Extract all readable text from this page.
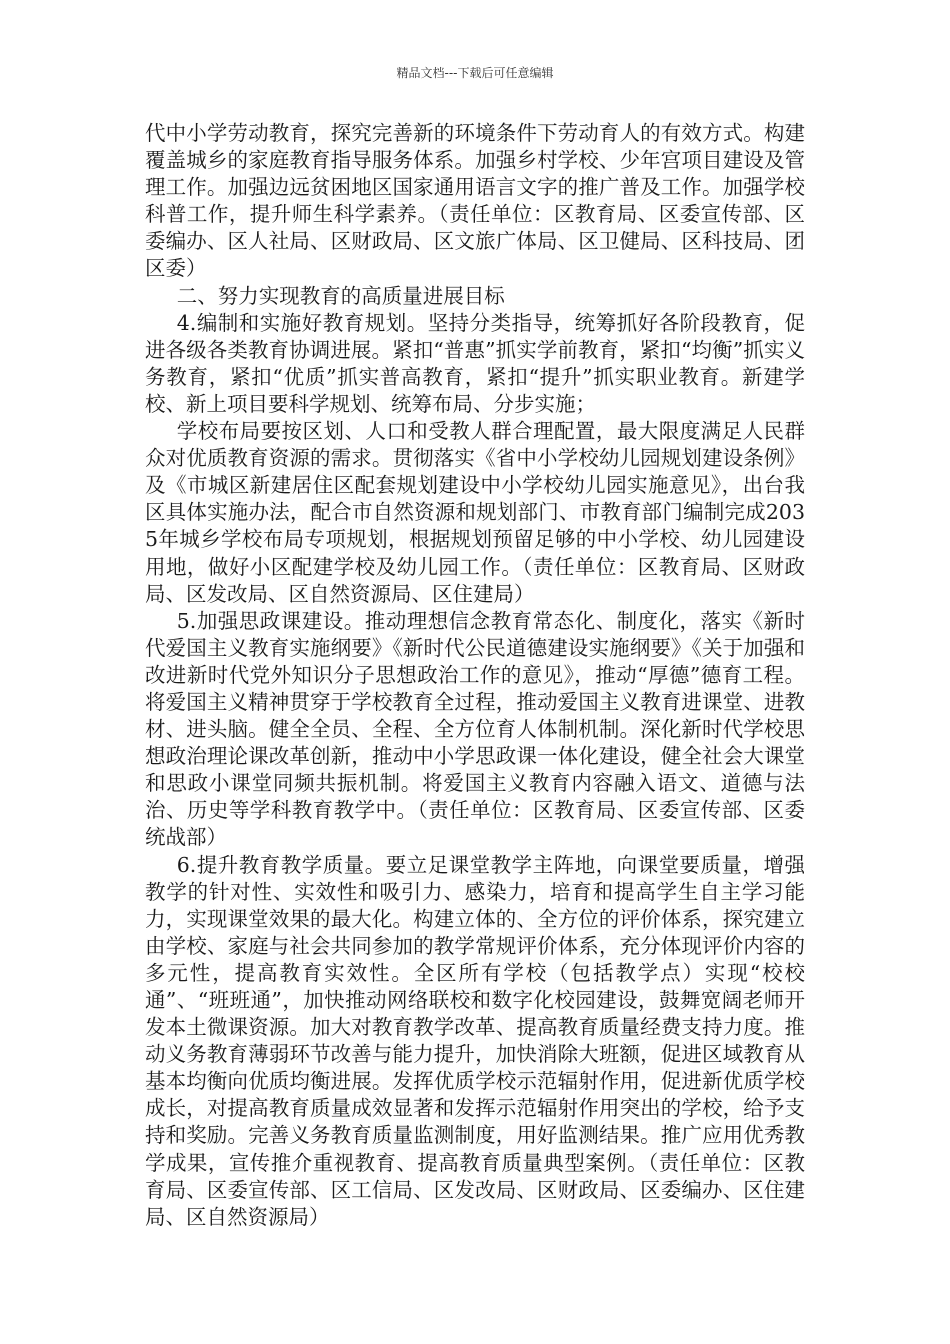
精品文档---下载后可任意编辑

代中小学劳动教育，探究完善新的环境条件下劳动育人的有效方式。构建覆盖城乡的家庭教育指导服务体系。加强乡村学校、少年宫项目建设及管理工作。加强边远贫困地区国家通用语言文字的推广普及工作。加强学校科普工作，提升师生科学素养。（责任单位：区教育局、区委宣传部、区委编办、区人社局、区财政局、区文旅广体局、区卫健局、区科技局、团区委）

二、努力实现教育的高质量进展目标

4.编制和实施好教育规划。坚持分类指导，统筹抓好各阶段教育，促进各级各类教育协调进展。紧扣“普惠”抓实学前教育，紧扣“均衡”抓实义务教育，紧扣“优质”抓实普高教育，紧扣“提升”抓实职业教育。新建学校、新上项目要科学规划、统筹布局、分步实施；

学校布局要按区划、人口和受教人群合理配置，最大限度满足人民群众对优质教育资源的需求。贯彻落实《省中小学校幼儿园规划建设条例》及《市城区新建居住区配套规划建设中小学校幼儿园实施意见》，出台我区具体实施办法，配合市自然资源和规划部门、市教育部门编制完成2035年城乡学校布局专项规划，根据规划预留足够的中小学校、幼儿园建设用地，做好小区配建学校及幼儿园工作。（责任单位：区教育局、区财政局、区发改局、区自然资源局、区住建局）

5.加强思政课建设。推动理想信念教育常态化、制度化，落实《新时代爱国主义教育实施纲要》《新时代公民道德建设实施纲要》《关于加强和改进新时代党外知识分子思想政治工作的意见》，推动“厚德”德育工程。将爱国主义精神贯穿于学校教育全过程，推动爱国主义教育进课堂、进教材、进头脑。健全全员、全程、全方位育人体制机制。深化新时代学校思想政治理论课改革创新，推动中小学思政课一体化建设，健全社会大课堂和思政小课堂同频共振机制。将爱国主义教育内容融入语文、道德与法治、历史等学科教育教学中。（责任单位：区教育局、区委宣传部、区委统战部）

6.提升教育教学质量。要立足课堂教学主阵地，向课堂要质量，增强教学的针对性、实效性和吸引力、感染力，培育和提高学生自主学习能力，实现课堂效果的最大化。构建立体的、全方位的评价体系，探究建立由学校、家庭与社会共同参加的教学常规评价体系，充分体现评价内容的多元性，提高教育实效性。全区所有学校（包括教学点）实现“校校通”、“班班通”，加快推动网络联校和数字化校园建设，鼓舞宽阔老师开发本土微课资源。加大对教育教学改革、提高教育质量经费支持力度。推动义务教育薄弱环节改善与能力提升，加快消除大班额，促进区域教育从基本均衡向优质均衡进展。发挥优质学校示范辐射作用，促进新优质学校成长，对提高教育质量成效显著和发挥示范辐射作用突出的学校，给予支持和奖励。完善义务教育质量监测制度，用好监测结果。推广应用优秀教学成果，宣传推介重视教育、提高教育质量典型案例。（责任单位：区教育局、区委宣传部、区工信局、区发改局、区财政局、区委编办、区住建局、区自然资源局）
